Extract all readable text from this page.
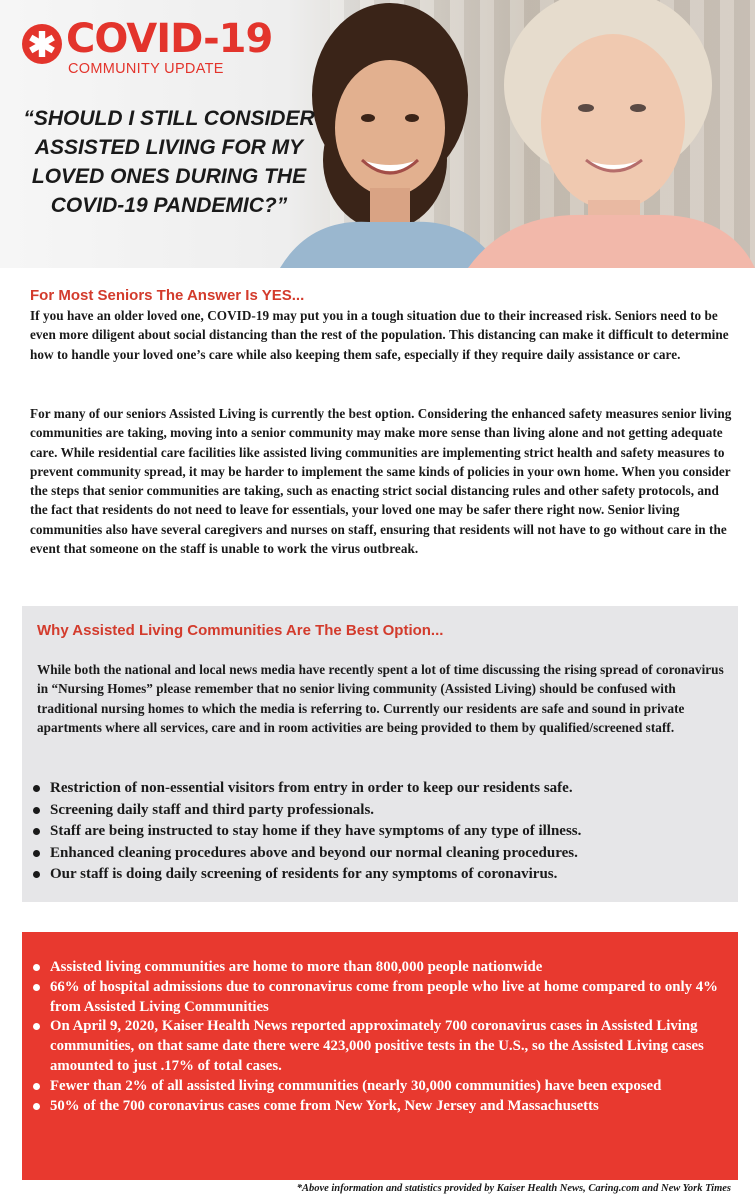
COVID-19
COMMUNITY UPDATE
“SHOULD I STILL CONSIDER ASSISTED LIVING FOR MY LOVED ONES DURING THE COVID-19 PANDEMIC?”
For Most Seniors The Answer Is YES...
If you have an older loved one, COVID-19 may put you in a tough situation due to their increased risk. Seniors need to be even more diligent about social distancing than the rest of the population. This distancing can make it difficult to determine how to handle your loved one’s care while also keeping them safe, especially if they require daily assistance or care.
For many of our seniors Assisted Living is currently the best option. Considering the enhanced safety measures senior living communities are taking, moving into a senior community may make more sense than living alone and not getting adequate care. While residential care facilities like assisted living communities are implementing strict health and safety measures to prevent community spread, it may be harder to implement the same kinds of policies in your own home. When you consider the steps that senior communities are taking, such as enacting strict social distancing rules and other safety protocols, and the fact that residents do not need to leave for essentials, your loved one may be safer there right now. Senior living communities also have several caregivers and nurses on staff, ensuring that residents will not have to go without care in the event that someone on the staff is unable to work the virus outbreak.
Why Assisted Living Communities Are The Best Option...
While both the national and local news media have recently spent a lot of time discussing the rising spread of coronavirus in “Nursing Homes” please remember that no senior living community (Assisted Living) should be confused with traditional nursing homes to which the media is referring to. Currently our residents are safe and sound in private apartments where all services, care and in room activities are being provided to them by qualified/screened staff.
Restriction of non-essential visitors from entry in order to keep our residents safe.
Screening daily staff and third party professionals.
Staff are being instructed to stay home if they have symptoms of any type of illness.
Enhanced cleaning procedures above and beyond our normal cleaning procedures.
Our staff is doing daily screening of residents for any symptoms of coronavirus.
Assisted living communities are home to more than 800,000 people nationwide
66% of hospital admissions due to conronavirus come from people who live at home compared to only 4% from Assisted Living Communities
On April 9, 2020, Kaiser Health News reported approximately 700 coronavirus cases in Assisted Living communities, on that same date there were 423,000 positive tests in the U.S., so the Assisted Living cases amounted to just .17% of total cases.
Fewer than 2% of all assisted living communities (nearly 30,000 communities) have been exposed
50% of the 700 coronavirus cases come from New York, New Jersey and Massachusetts
*Above information and statistics provided by Kaiser Health News, Caring.com and New York Times
